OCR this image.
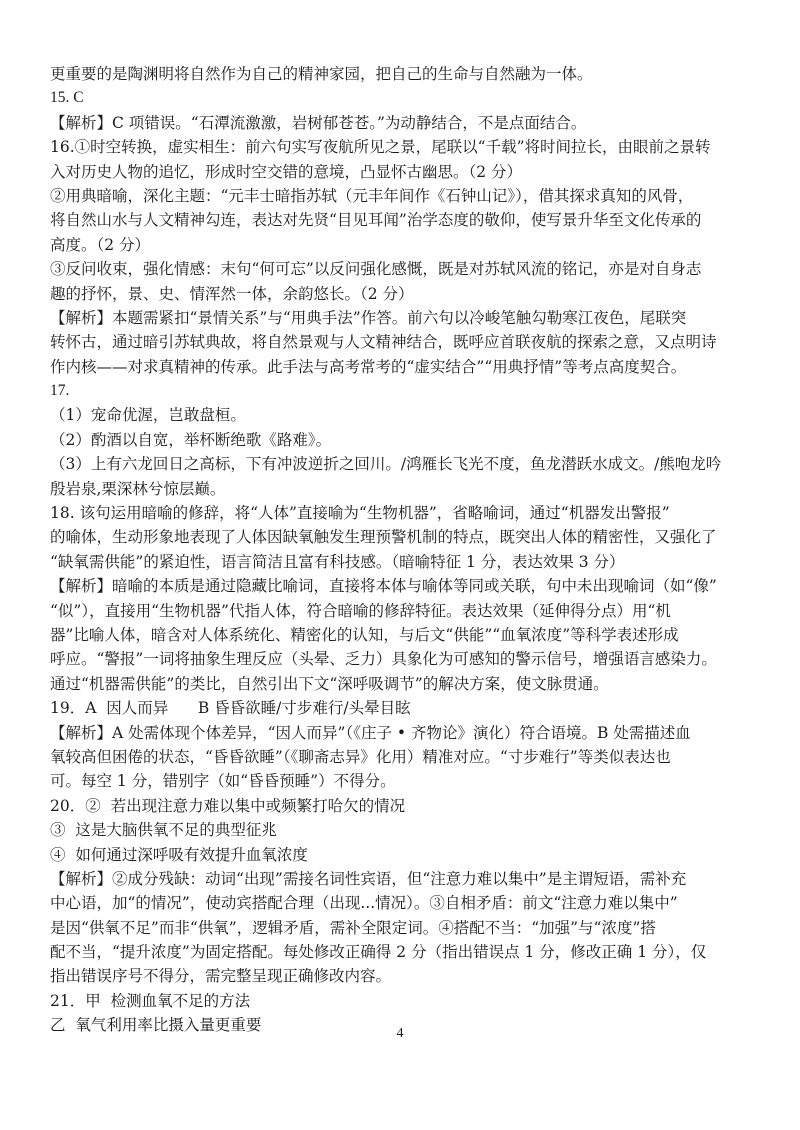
更重要的是陶渊明将自然作为自己的精神家园，把自己的生命与自然融为一体。
15. C
【解析】C 项错误。“石潭流激激，岩树郁苍苍。”为动静结合，不是点面结合。
16.①时空转换，虚实相生：前六句实写夜航所见之景，尾联以“千载”将时间拉长，由眼前之景转
入对历史人物的追忆，形成时空交错的意境，凸显怀古幽思。（2 分）
②用典暗喻，深化主题：“元丰士暗指苏轼（元丰年间作《石钟山记》），借其探求真知的风骨，
将自然山水与人文精神勾连，表达对先贤“目见耳闻”治学态度的敬仰，使写景升华至文化传承的
高度。（2 分）
③反问收束，强化情感：末句“何可忘”以反问强化感慨，既是对苏轼风流的铭记，亦是对自身志
趣的抒怀，景、史、情浑然一体，余韵悠长。（2 分）
【解析】本题需紧扣“景情关系”与“用典手法”作答。前六句以冷峻笔触勾勒寒江夜色，尾联突
转怀古，通过暗引苏轼典故，将自然景观与人文精神结合，既呼应首联夜航的探索之意，又点明诗
作内核——对求真精神的传承。此手法与高考常考的“虚实结合”“用典抒情”等考点高度契合。
17.
（1）宠命优渥，岂敢盘桓。
（2）酌酒以自宽，举杯断绝歌《路难》。
（3）上有六龙回日之高标，下有冲波逆折之回川。/鸿雁长飞光不度，鱼龙潜跃水成文。/熊咆龙吟
殷岩泉,栗深林兮惊层巅。
18. 该句运用暗喻的修辞，将“人体”直接喻为“生物机器”，省略喻词，通过“机器发出警报”
的喻体，生动形象地表现了人体因缺氧触发生理预警机制的特点，既突出人体的精密性，又强化了
“缺氧需供能”的紧迫性，语言简洁且富有科技感。（暗喻特征 1 分，表达效果 3 分）
【解析】暗喻的本质是通过隐藏比喻词，直接将本体与喻体等同或关联，句中未出现喻词（如“像”
“似”），直接用“生物机器”代指人体，符合暗喻的修辞特征。表达效果（延伸得分点）用“机
器”比喻人体，暗含对人体系统化、精密化的认知，与后文“供能”“血氧浓度”等科学表述形成
呼应。“警报”一词将抽象生理反应（头晕、乏力）具象化为可感知的警示信号，增强语言感染力。
通过“机器需供能”的类比，自然引出下文“深呼吸调节”的解决方案，使文脉贯通。
19．A  因人而异      B 昏昏欲睡/寸步难行/头晕目眩
【解析】A 处需体现个体差异，“因人而异”（《庄子 • 齐物论》演化）符合语境。B 处需描述血
氧较高但困倦的状态，“昏昏欲睡”（《聊斋志异》化用）精准对应。“寸步难行”等类似表达也
可。每空 1 分，错别字（如“昏昏预睡”）不得分。
20．②  若出现注意力难以集中或频繁打哈欠的情况
③  这是大脑供氧不足的典型征兆
④  如何通过深呼吸有效提升血氧浓度
【解析】②成分残缺：动词“出现”需接名词性宾语，但“注意力难以集中”是主谓短语，需补充
中心语，加“的情况”，使动宾搭配合理（出现...情况）。③自相矛盾：前文“注意力难以集中”
是因“供氧不足”而非“供氧”，逻辑矛盾，需补全限定词。④搭配不当：“加强”与“浓度”搭
配不当，“提升浓度”为固定搭配。每处修改正确得 2 分（指出错误点 1 分，修改正确 1 分），仅
指出错误序号不得分，需完整呈现正确修改内容。
21．甲  检测血氧不足的方法
乙  氧气利用率比摄入量更重要	4
